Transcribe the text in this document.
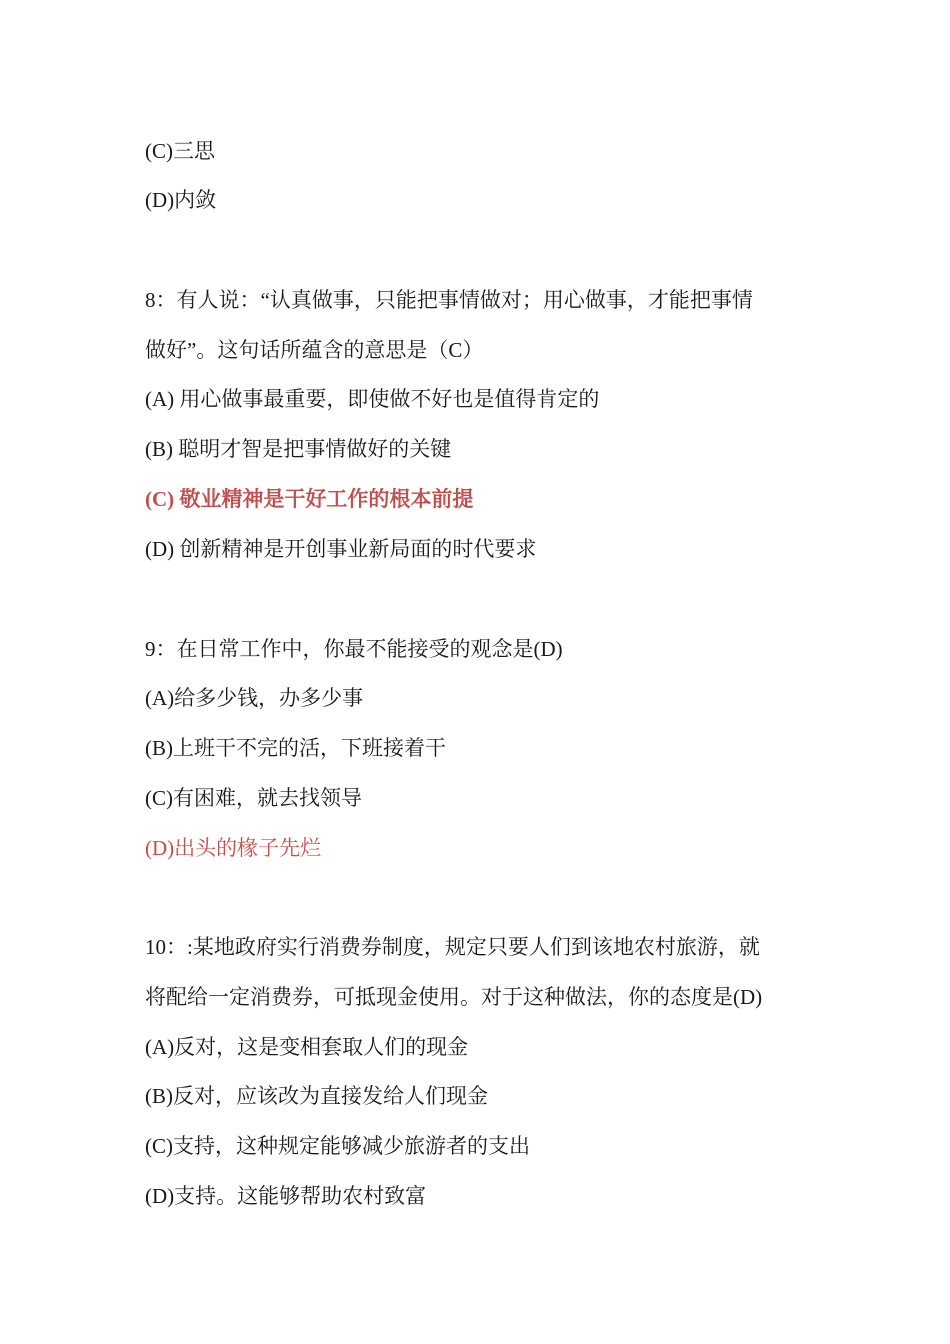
(C)三思
(D)内敛
8：有人说：“认真做事，只能把事情做对；用心做事，才能把事情
做好”。这句话所蕴含的意思是（C）
(A) 用心做事最重要，即使做不好也是值得肯定的
(B) 聪明才智是把事情做好的关键
(C) 敬业精神是干好工作的根本前提
(D) 创新精神是开创事业新局面的时代要求
9：在日常工作中，你最不能接受的观念是(D)
(A)给多少钱，办多少事
(B)上班干不完的活，下班接着干
(C)有困难，就去找领导
(D)出头的椽子先烂
10：:某地政府实行消费券制度，规定只要人们到该地农村旅游，就
将配给一定消费券，可抵现金使用。对于这种做法，你的态度是(D)
(A)反对，这是变相套取人们的现金
(B)反对，应该改为直接发给人们现金
(C)支持，这种规定能够减少旅游者的支出
(D)支持。这能够帮助农村致富
